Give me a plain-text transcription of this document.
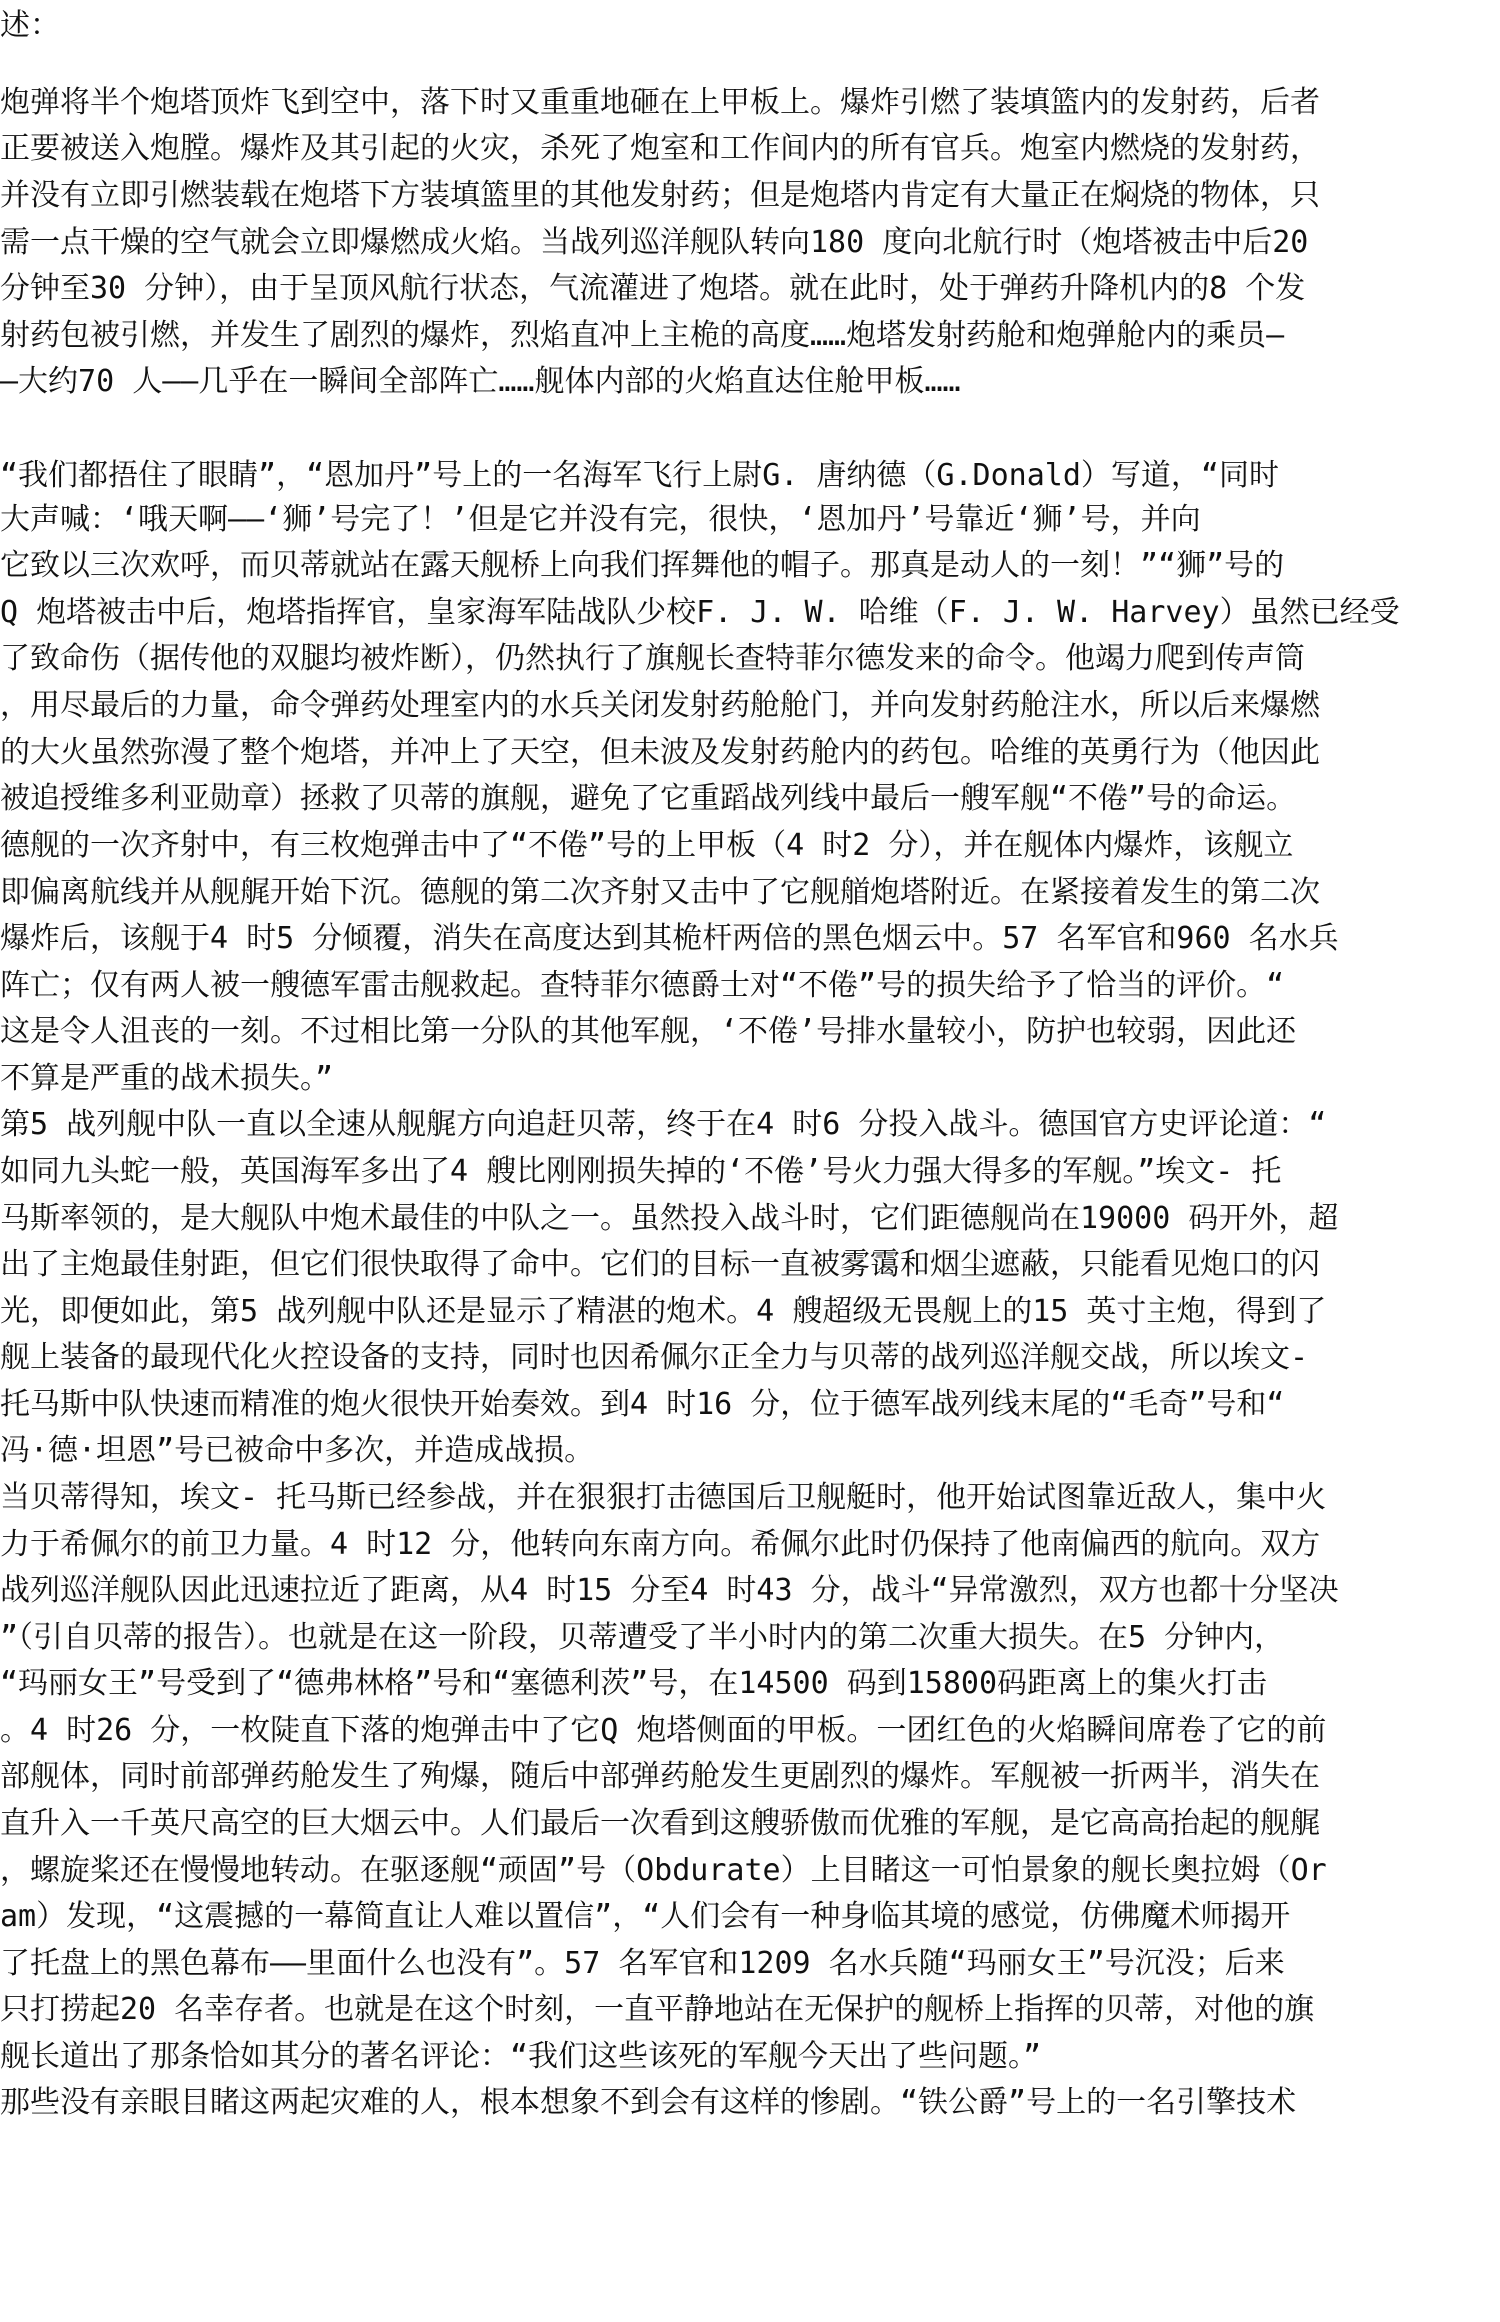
述：
炮弹将半个炮塔顶炸飞到空中，落下时又重重地砸在上甲板上。爆炸引燃了装填篮内的发射药，后者
正要被送入炮膛。爆炸及其引起的火灾，杀死了炮室和工作间内的所有官兵。炮室内燃烧的发射药，
并没有立即引燃装载在炮塔下方装填篮里的其他发射药；但是炮塔内肯定有大量正在焖烧的物体，只
需一点干燥的空气就会立即爆燃成火焰。当战列巡洋舰队转向180 度向北航行时（炮塔被击中后20
分钟至30 分钟），由于呈顶风航行状态，气流灌进了炮塔。就在此时，处于弹药升降机内的8 个发
射药包被引燃，并发生了剧烈的爆炸，烈焰直冲上主桅的高度……炮塔发射药舱和炮弹舱内的乘员—
—大约70 人——几乎在一瞬间全部阵亡……舰体内部的火焰直达住舱甲板……
“我们都捂住了眼睛”，“恩加丹”号上的一名海军飞行上尉G. 唐纳德（G.Donald）写道，“同时
大声喊：‘哦天啊——‘狮’号完了！’但是它并没有完，很快，‘恩加丹’号靠近‘狮’号，并向
它致以三次欢呼，而贝蒂就站在露天舰桥上向我们挥舞他的帽子。那真是动人的一刻！”“狮”号的
Q 炮塔被击中后，炮塔指挥官，皇家海军陆战队少校F. J. W. 哈维（F. J. W. Harvey）虽然已经受
了致命伤（据传他的双腿均被炸断），仍然执行了旗舰长查特菲尔德发来的命令。他竭力爬到传声筒
，用尽最后的力量，命令弹药处理室内的水兵关闭发射药舱舱门，并向发射药舱注水，所以后来爆燃
的大火虽然弥漫了整个炮塔，并冲上了天空，但未波及发射药舱内的药包。哈维的英勇行为（他因此
被追授维多利亚勋章）拯救了贝蒂的旗舰，避免了它重蹈战列线中最后一艘军舰“不倦”号的命运。
德舰的一次齐射中，有三枚炮弹击中了“不倦”号的上甲板（4 时2 分），并在舰体内爆炸，该舰立
即偏离航线并从舰艉开始下沉。德舰的第二次齐射又击中了它舰艏炮塔附近。在紧接着发生的第二次
爆炸后，该舰于4 时5 分倾覆，消失在高度达到其桅杆两倍的黑色烟云中。57 名军官和960 名水兵
阵亡；仅有两人被一艘德军雷击舰救起。查特菲尔德爵士对“不倦”号的损失给予了恰当的评价。“
这是令人沮丧的一刻。不过相比第一分队的其他军舰，‘不倦’号排水量较小，防护也较弱，因此还
不算是严重的战术损失。”
第5 战列舰中队一直以全速从舰艉方向追赶贝蒂，终于在4 时6 分投入战斗。德国官方史评论道：“
如同九头蛇一般，英国海军多出了4 艘比刚刚损失掉的‘不倦’号火力强大得多的军舰。”埃文- 托
马斯率领的，是大舰队中炮术最佳的中队之一。虽然投入战斗时，它们距德舰尚在19000 码开外，超
出了主炮最佳射距，但它们很快取得了命中。它们的目标一直被雾霭和烟尘遮蔽，只能看见炮口的闪
光，即便如此，第5 战列舰中队还是显示了精湛的炮术。4 艘超级无畏舰上的15 英寸主炮，得到了
舰上装备的最现代化火控设备的支持，同时也因希佩尔正全力与贝蒂的战列巡洋舰交战，所以埃文-
托马斯中队快速而精准的炮火很快开始奏效。到4 时16 分，位于德军战列线末尾的“毛奇”号和“
冯·德·坦恩”号已被命中多次，并造成战损。
当贝蒂得知，埃文- 托马斯已经参战，并在狠狠打击德国后卫舰艇时，他开始试图靠近敌人，集中火
力于希佩尔的前卫力量。4 时12 分，他转向东南方向。希佩尔此时仍保持了他南偏西的航向。双方
战列巡洋舰队因此迅速拉近了距离，从4 时15 分至4 时43 分，战斗“异常激烈，双方也都十分坚决
”（引自贝蒂的报告）。也就是在这一阶段，贝蒂遭受了半小时内的第二次重大损失。在5 分钟内，
“玛丽女王”号受到了“德弗林格”号和“塞德利茨”号，在14500 码到15800码距离上的集火打击
。4 时26 分，一枚陡直下落的炮弹击中了它Q 炮塔侧面的甲板。一团红色的火焰瞬间席卷了它的前
部舰体，同时前部弹药舱发生了殉爆，随后中部弹药舱发生更剧烈的爆炸。军舰被一折两半，消失在
直升入一千英尺高空的巨大烟云中。人们最后一次看到这艘骄傲而优雅的军舰，是它高高抬起的舰艉
，螺旋桨还在慢慢地转动。在驱逐舰“顽固”号（Obdurate）上目睹这一可怕景象的舰长奥拉姆（Or
am）发现，“这震撼的一幕简直让人难以置信”，“人们会有一种身临其境的感觉，仿佛魔术师揭开
了托盘上的黑色幕布——里面什么也没有”。57 名军官和1209 名水兵随“玛丽女王”号沉没；后来
只打捞起20 名幸存者。也就是在这个时刻，一直平静地站在无保护的舰桥上指挥的贝蒂，对他的旗
舰长道出了那条恰如其分的著名评论：“我们这些该死的军舰今天出了些问题。”
那些没有亲眼目睹这两起灾难的人，根本想象不到会有这样的惨剧。“铁公爵”号上的一名引擎技术
